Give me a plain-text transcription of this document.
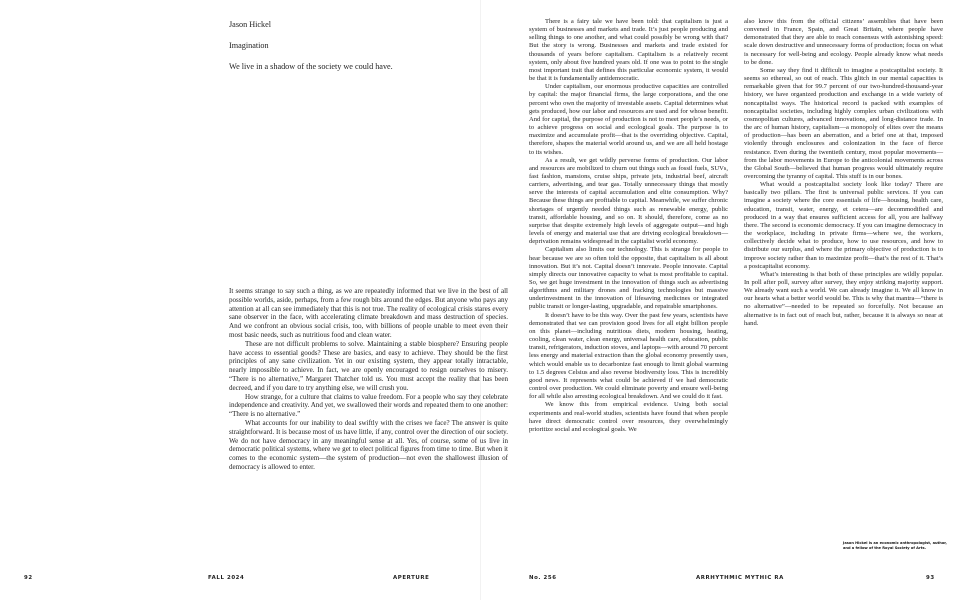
Jason Hickel
Imagination
We live in a shadow of the society we could have.

It seems strange to say such a thing, as we are repeatedly informed that we live in the best of all possible worlds, aside, perhaps, from a few rough bits around the edges. But anyone who pays any attention at all can see immediately that this is not true. The reality of ecological crisis stares every sane observer in the face, with accelerating climate breakdown and mass destruction of species. And we confront an obvious social crisis, too, with billions of people unable to meet even their most basic needs, such as nutritious food and clean water.

These are not difficult problems to solve. Maintaining a stable biosphere? Ensuring people have access to essential goods? These are basics, and easy to achieve. They should be the first principles of any sane civilization. Yet in our existing system, they appear totally intractable, nearly impossible to achieve. In fact, we are openly encouraged to resign ourselves to misery. “There is no alternative,” Margaret Thatcher told us. You must accept the reality that has been decreed, and if you dare to try anything else, we will crush you.

How strange, for a culture that claims to value freedom. For a people who say they celebrate independence and creativity. And yet, we swallowed their words and repeated them to one another: “There is no alternative.”

What accounts for our inability to deal swiftly with the crises we face? The answer is quite straightforward. It is because most of us have little, if any, control over the direction of our society. We do not have democracy in any meaningful sense at all. Yes, of course, some of us live in democratic political systems, where we get to elect political figures from time to time. But when it comes to the economic system—the system of production—not even the shallowest illusion of democracy is allowed to enter.

92	FALL 2024	APERTURE

There is a fairy tale we have been told: that capitalism is just a system of businesses and markets and trade. It’s just people producing and selling things to one another, and what could possibly be wrong with that? But the story is wrong. Businesses and markets and trade existed for thousands of years before capitalism. Capitalism is a relatively recent system, only about five hundred years old. If one was to point to the single most important trait that defines this particular economic system, it would be that it is fundamentally antidemocratic.

Under capitalism, our enormous productive capacities are controlled by capital: the major financial firms, the large corporations, and the one percent who own the majority of investable assets. Capital determines what gets produced, how our labor and resources are used and for whose benefit. And for capital, the purpose of production is not to meet people’s needs, or to achieve progress on social and ecological goals. The purpose is to maximize and accumulate profit—that is the overriding objective. Capital, therefore, shapes the material world around us, and we are all held hostage to its wishes.

As a result, we get wildly perverse forms of production. Our labor and resources are mobilized to churn out things such as fossil fuels, SUVs, fast fashion, mansions, cruise ships, private jets, industrial beef, aircraft carriers, advertising, and tear gas. Totally unnecessary things that mostly serve the interests of capital accumulation and elite consumption. Why? Because these things are profitable to capital. Meanwhile, we suffer chronic shortages of urgently needed things such as renewable energy, public transit, affordable housing, and so on. It should, therefore, come as no surprise that despite extremely high levels of aggregate output—and high levels of energy and material use that are driving ecological breakdown—deprivation remains widespread in the capitalist world economy.

Capitalism also limits our technology. This is strange for people to hear because we are so often told the opposite, that capitalism is all about innovation. But it’s not. Capital doesn’t innovate. People innovate. Capital simply directs our innovative capacity to what is most profitable to capital. So, we get huge investment in the innovation of things such as advertising algorithms and military drones and fracking technologies but massive underinvestment in the innovation of lifesaving medicines or integrated public transit or longer-lasting, upgradable, and repairable smartphones.

It doesn’t have to be this way. Over the past few years, scientists have demonstrated that we can provision good lives for all eight billion people on this planet—including nutritious diets, modern housing, heating, cooling, clean water, clean energy, universal health care, education, public transit, refrigerators, induction stoves, and laptops—with around 70 percent less energy and material extraction than the global economy presently uses, which would enable us to decarbonize fast enough to limit global warming to 1.5 degrees Celsius and also reverse biodiversity loss. This is incredibly good news. It represents what could be achieved if we had democratic control over production. We could eliminate poverty and ensure well-being for all while also arresting ecological breakdown. And we could do it fast.

We know this from empirical evidence. Using both social experiments and real-world studies, scientists have found that when people have direct democratic control over resources, they overwhelmingly prioritize social and ecological goals. We

also know this from the official citizens’ assemblies that have been convened in France, Spain, and Great Britain, where people have demonstrated that they are able to reach consensus with astonishing speed: scale down destructive and unnecessary forms of production; focus on what is necessary for well-being and ecology. People already know what needs to be done.

Some say they find it difficult to imagine a postcapitalist society. It seems so ethereal, so out of reach. This glitch in our mental capacities is remarkable given that for 99.7 percent of our two-hundred-thousand-year history, we have organized production and exchange in a wide variety of noncapitalist ways. The historical record is packed with examples of noncapitalist societies, including highly complex urban civilizations with cosmopolitan cultures, advanced innovations, and long-distance trade. In the arc of human history, capitalism—a monopoly of elites over the means of production—has been an aberration, and a brief one at that, imposed violently through enclosures and colonization in the face of fierce resistance. Even during the twentieth century, most popular movements—from the labor movements in Europe to the anticolonial movements across the Global South—believed that human progress would ultimately require overcoming the tyranny of capital. This stuff is in our bones.

What would a postcapitalist society look like today? There are basically two pillars. The first is universal public services. If you can imagine a society where the core essentials of life—housing, health care, education, transit, water, energy, et cetera—are decommodified and produced in a way that ensures sufficient access for all, you are halfway there. The second is economic democracy. If you can imagine democracy in the workplace, including in private firms—where we, the workers, collectively decide what to produce, how to use resources, and how to distribute our surplus, and where the primary objective of production is to improve society rather than to maximize profit—that’s the rest of it. That’s a postcapitalist economy.

What’s interesting is that both of these principles are wildly popular. In poll after poll, survey after survey, they enjoy striking majority support. We already want such a world. We can already imagine it. We all know in our hearts what a better world would be. This is why that mantra—“there is no alternative”—needed to be repeated so forcefully. Not because an alternative is in fact out of reach but, rather, because it is always so near at hand.

Jason Hickel is an economic anthropologist, author, and a fellow of the Royal Society of Arts.
No. 256	ARRHYTHMIC MYTHIC RA	93
